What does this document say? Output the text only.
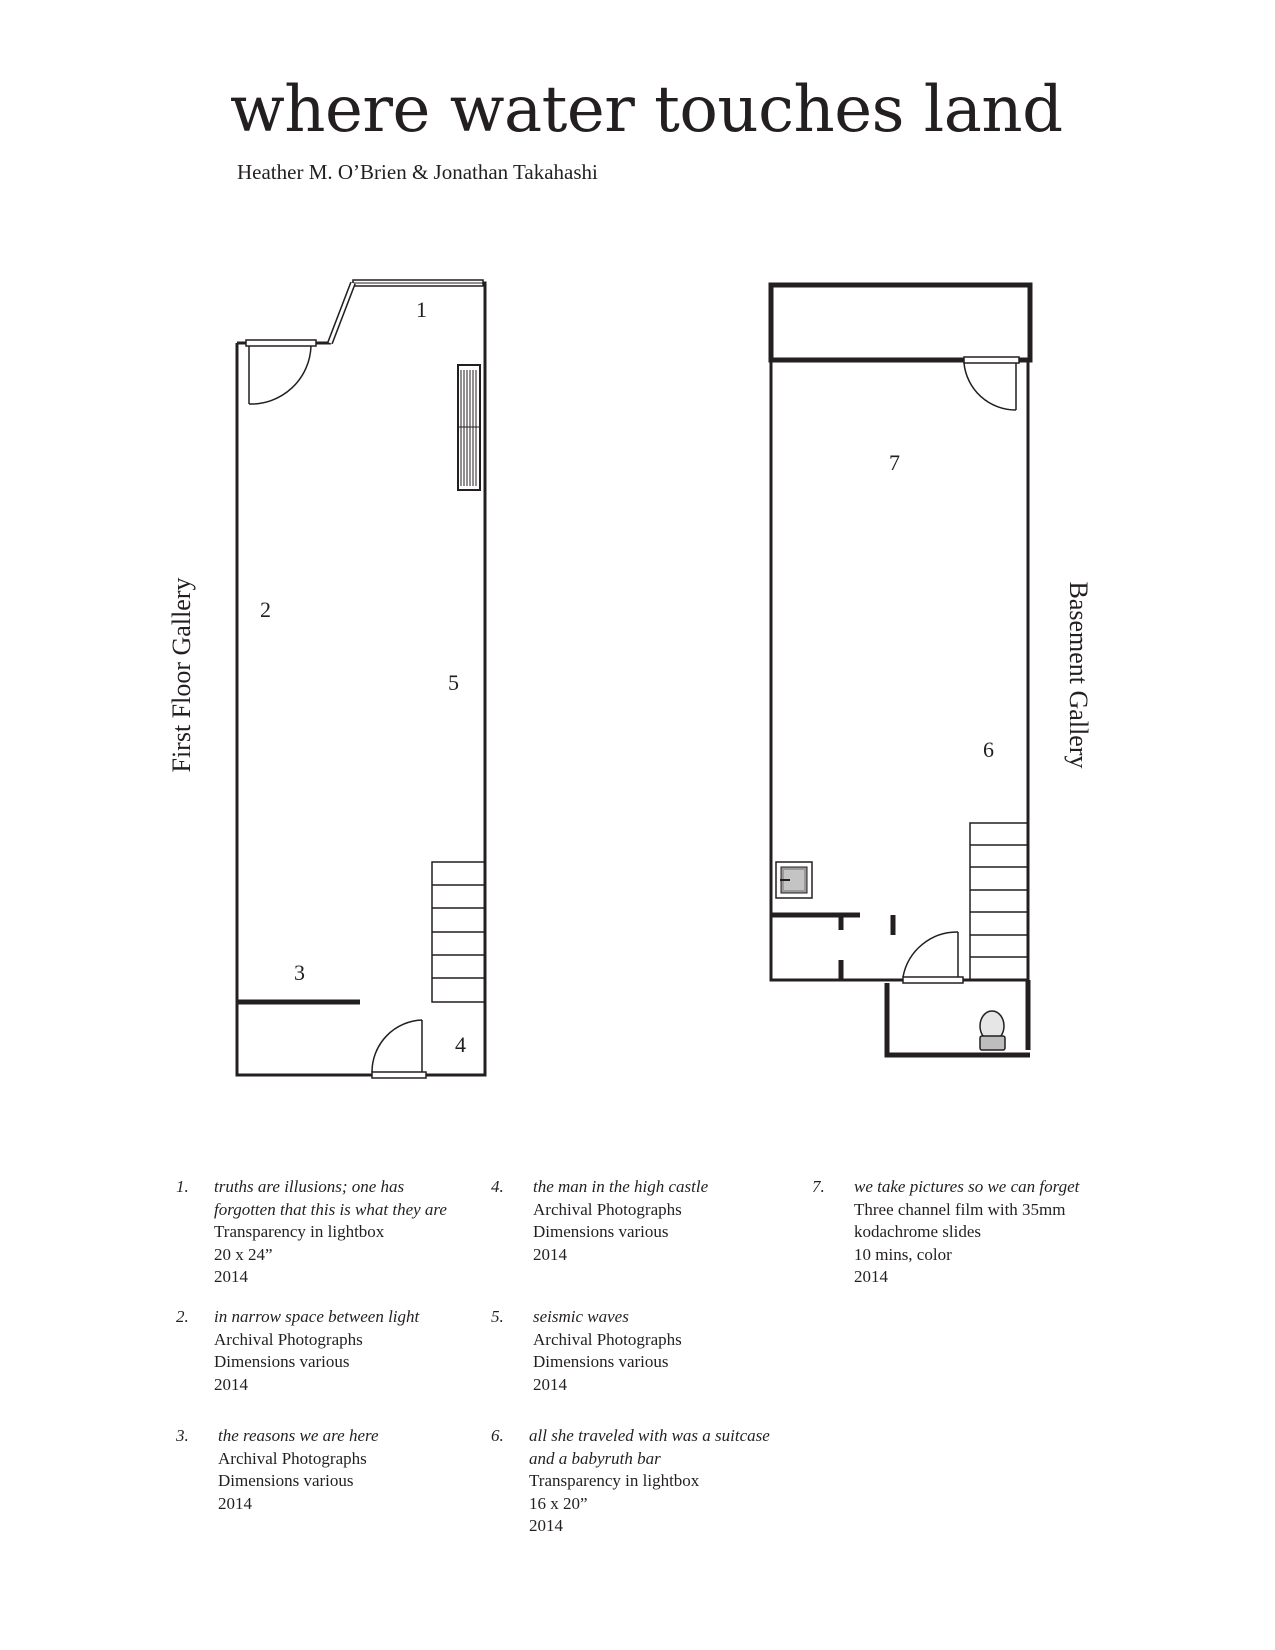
where water touches land
Heather M. O’Brien & Jonathan Takahashi
1
2
3
4
5
6
7
First Floor Gallery	Basement Gallery
1. truths are illusions; one has
forgotten that this is what they are
Transparency in lightbox
20 x 24”
2014
2. in narrow space between light
Archival Photographs
Dimensions various
2014
3. the reasons we are here
Archival Photographs
Dimensions various
2014
4. the man in the high castle
Archival Photographs
Dimensions various
2014
5. seismic waves
Archival Photographs
Dimensions various
2014
6. all she traveled with was a suitcase
and a babyruth bar
Transparency in lightbox
16 x 20”
2014
7. we take pictures so we can forget
Three channel film with 35mm
kodachrome slides
10 mins, color
2014
